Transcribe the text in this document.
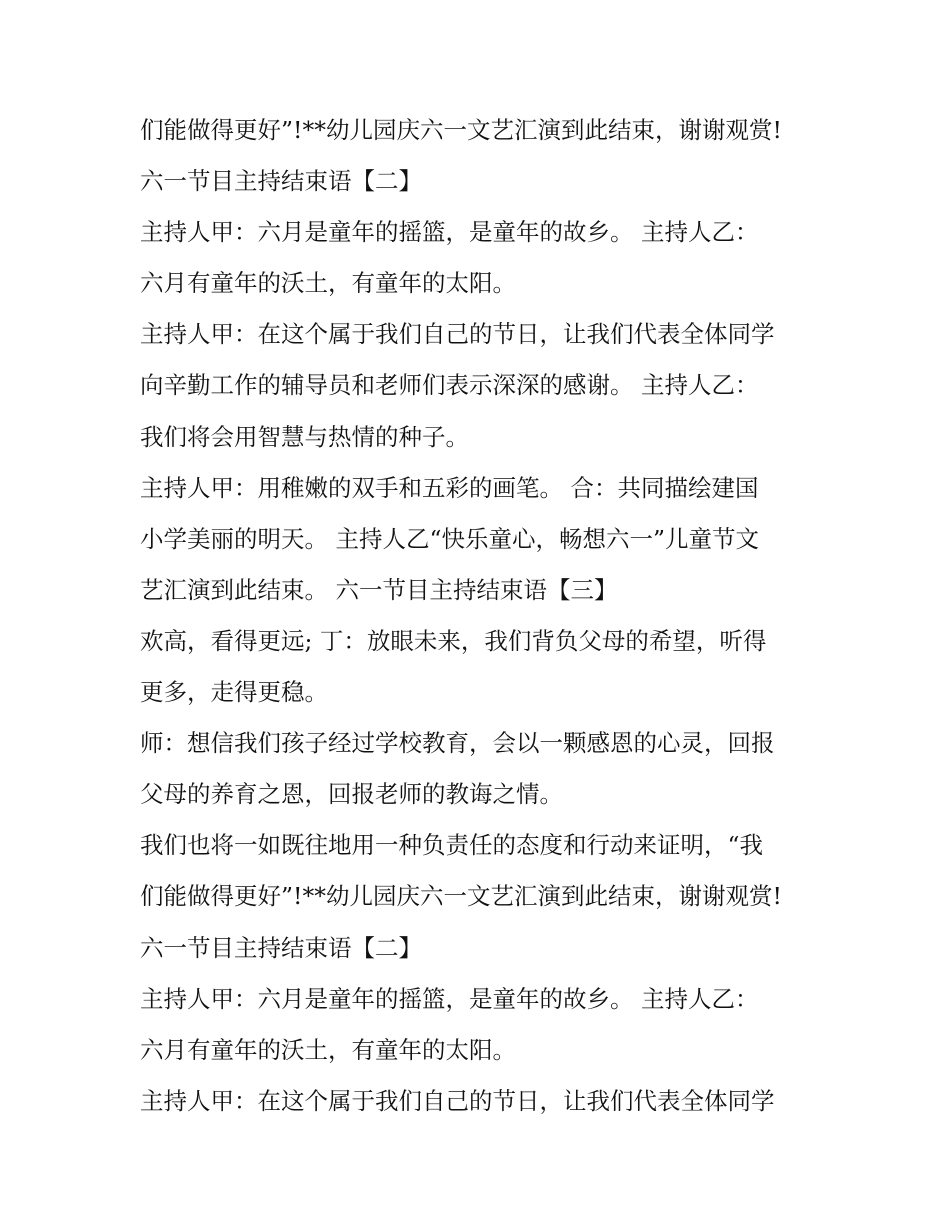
们能做得更好”!**幼儿园庆六一文艺汇演到此结束，谢谢观赏!
六一节目主持结束语【二】
主持人甲：六月是童年的摇篮，是童年的故乡。 主持人乙：
六月有童年的沃土，有童年的太阳。
主持人甲：在这个属于我们自己的节日，让我们代表全体同学
向辛勤工作的辅导员和老师们表示深深的感谢。 主持人乙：
我们将会用智慧与热情的种子。
主持人甲：用稚嫩的双手和五彩的画笔。 合：共同描绘建国
小学美丽的明天。 主持人乙“快乐童心，畅想六一”儿童节文
艺汇演到此结束。 六一节目主持结束语【三】
欢高，看得更远; 丁：放眼未来，我们背负父母的希望，听得
更多，走得更稳。
师：想信我们孩子经过学校教育，会以一颗感恩的心灵，回报
父母的养育之恩，回报老师的教诲之情。
我们也将一如既往地用一种负责任的态度和行动来证明，“我
们能做得更好”!**幼儿园庆六一文艺汇演到此结束，谢谢观赏!
六一节目主持结束语【二】
主持人甲：六月是童年的摇篮，是童年的故乡。 主持人乙：
六月有童年的沃土，有童年的太阳。
主持人甲：在这个属于我们自己的节日，让我们代表全体同学
